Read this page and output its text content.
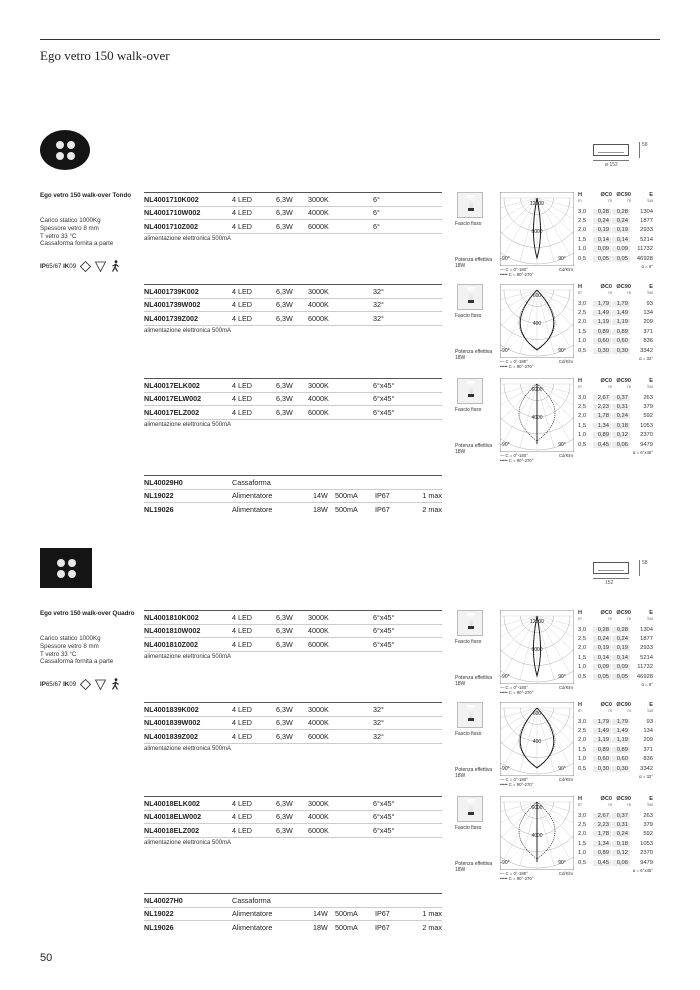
Ego vetro 150 walk-over
50
ø 152
58
Ego vetro 150 walk-over Tondo
Carico statico 1000Kg
Spessore vetro 8 mm
T vetro 33 °C
Cassaforma fornita a parte
IP65/67 IK09
NL4001710K002	4 LED	6,3W	3000K	6°
NL4001710W002	4 LED	6,3W	4000K	6°
NL4001710Z002	4 LED	6,3W	6000K	6°
alimentazione elettronica 500mA
Fascio fisso
Potenza effettiva
18W
12000
6000
-90°	90°
— C = 0°-180°	Cd/Klm
••••• C = 90°-270°
H	ØC0 ØC90	E
m	m	m	lux
3,0	0,28	0,28	1304
2,5	0,24	0,24	1877
2,0	0,19	0,19	2933
1,5	0,14	0,14	5214
1,0	0,09	0,09	11732
0,5	0,05	0,05	46928
α = 6°
NL4001739K002	4 LED	6,3W	3000K	32°
NL4001739W002	4 LED	6,3W	4000K	32°
NL4001739Z002	4 LED	6,3W	6000K	32°
alimentazione elettronica 500mA
Fascio fisso
Potenza effettiva
18W
600
400
-90°	90°
— C = 0°-180°	Cd/Klm
••••• C = 90°-270°
H	ØC0 ØC90	E
m	m	m	lux
3,0	1,79	1,79	93
2,5	1,49	1,49	134
2,0	1,19	1,19	209
1,5	0,89	0,89	371
1,0	0,60	0,60	836
0,5	0,30	0,30	3342
α = 32°
NL40017ELK002	4 LED	6,3W	3000K	6°x45°
NL40017ELW002	4 LED	6,3W	4000K	6°x45°
NL40017ELZ002	4 LED	6,3W	6000K	6°x45°
alimentazione elettronica 500mA
Fascio fisso
Potenza effettiva
18W
6000
4000
-90°	90°
— C = 0°-180°	Cd/Klm
••••• C = 90°-270°
H	ØC0 ØC90	E
m	m	m	lux
3,0	2,67	0,37	263
2,5	2,23	0,31	379
2,0	1,78	0,24	592
1,5	1,34	0,18	1053
1,0	0,89	0,12	2370
0,5	0,45	0,06	9479
α = 6°x45°
NL40029H0	Cassaforma
NL19022	Alimentatore	14W	500mA	IP67	1 max
NL19026	Alimentatore	18W	500mA	IP67	2 max
152
58
Ego vetro 150 walk-over Quadro
Carico statico 1000Kg
Spessore vetro 8 mm
T vetro 33 °C
Cassaforma fornita a parte
IP65/67 IK09
NL4001810K002	4 LED	6,3W	3000K	6°x45°
NL4001810W002	4 LED	6,3W	4000K	6°x45°
NL4001810Z002	4 LED	6,3W	6000K	6°x45°
alimentazione elettronica 500mA
Fascio fisso
Potenza effettiva
18W
12000
6000
-90°	90°
— C = 0°-180°	Cd/Klm
••••• C = 90°-270°
H	ØC0 ØC90	E
m	m	m	lux
3,0	0,28	0,28	1304
2,5	0,24	0,24	1877
2,0	0,19	0,19	2933
1,5	0,14	0,14	5214
1,0	0,09	0,09	11732
0,5	0,05	0,05	46928
α = 6°
NL4001839K002	4 LED	6,3W	3000K	32°
NL4001839W002	4 LED	6,3W	4000K	32°
NL4001839Z002	4 LED	6,3W	6000K	32°
alimentazione elettronica 500mA
Fascio fisso
Potenza effettiva
18W
600
400
-90°	90°
— C = 0°-180°	Cd/Klm
••••• C = 90°-270°
H	ØC0 ØC90	E
m	m	m	lux
3,0	1,79	1,79	93
2,5	1,49	1,49	134
2,0	1,19	1,19	209
1,5	0,89	0,89	371
1,0	0,60	0,60	836
0,5	0,30	0,30	3342
α = 32°
NL40018ELK002	4 LED	6,3W	3000K	6°x45°
NL40018ELW002	4 LED	6,3W	4000K	6°x45°
NL40018ELZ002	4 LED	6,3W	6000K	6°x45°
alimentazione elettronica 500mA
Fascio fisso
Potenza effettiva
18W
6000
4000
-90°	90°
— C = 0°-180°	Cd/Klm
••••• C = 90°-270°
H	ØC0 ØC90	E
m	m	m	lux
3,0	2,67	0,37	263
2,5	2,23	0,31	379
2,0	1,78	0,24	592
1,5	1,34	0,18	1053
1,0	0,89	0,12	2370
0,5	0,45	0,06	9479
α = 6°x45°
NL40027H0	Cassaforma
NL19022	Alimentatore	14W	500mA	IP67	1 max
NL19026	Alimentatore	18W	500mA	IP67	2 max
